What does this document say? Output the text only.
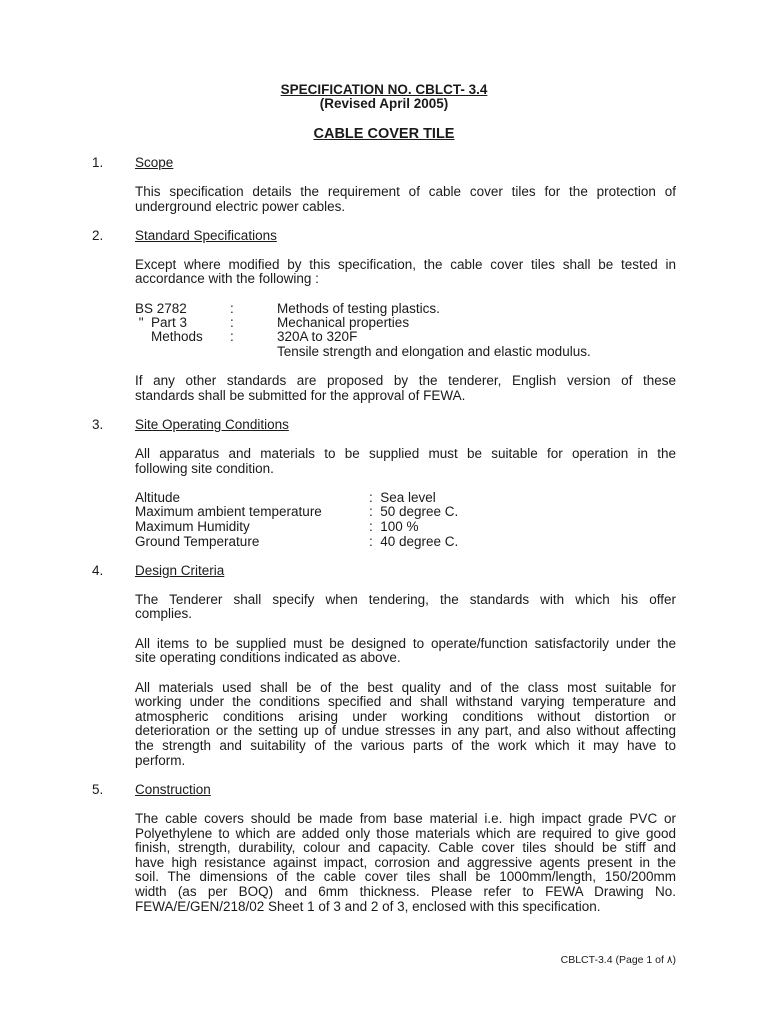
SPECIFICATION NO. CBLCT- 3.4
(Revised April 2005)
CABLE COVER TILE
1. Scope
This specification details the requirement of cable cover tiles for the protection of
underground electric power cables.
2. Standard Specifications
Except where modified by this specification, the cable cover tiles shall be tested in
accordance with the following :
BS 2782	:	Methods of testing plastics.
"  Part 3	:	Mechanical properties
Methods :	320A to 320F
Tensile strength and elongation and elastic modulus.
If any other standards are proposed by the tenderer, English version of these
standards shall be submitted for the approval of FEWA.
3. Site Operating Conditions
All apparatus and materials to be supplied must be suitable for operation in the
following site condition.
Altitude	:  Sea level
Maximum ambient temperature	:  50 degree C.
Maximum Humidity	:  100 %
Ground Temperature	:  40 degree C.
4. Design Criteria
The Tenderer shall specify when tendering, the standards with which his offer
complies.
All items to be supplied must be designed to operate/function satisfactorily under the
site operating conditions indicated as above.
All materials used shall be of the best quality and of the class most suitable for
working under the conditions specified and shall withstand varying temperature and
atmospheric conditions arising under working conditions without distortion or
deterioration or the setting up of undue stresses in any part, and also without affecting
the strength and suitability of the various parts of the work which it may have to
perform.
5. Construction
The cable covers should be made from base material i.e. high impact grade PVC or
Polyethylene to which are added only those materials which are required to give good
finish, strength, durability, colour and capacity. Cable cover tiles should be stiff and
have high resistance against impact, corrosion and aggressive agents present in the
soil. The dimensions of the cable cover tiles shall be 1000mm/length, 150/200mm
width (as per BOQ) and 6mm thickness. Please refer to FEWA Drawing No.
FEWA/E/GEN/218/02 Sheet 1 of 3 and 2 of 3, enclosed with this specification.
CBLCT-3.4 (Page 1 of ٨)
